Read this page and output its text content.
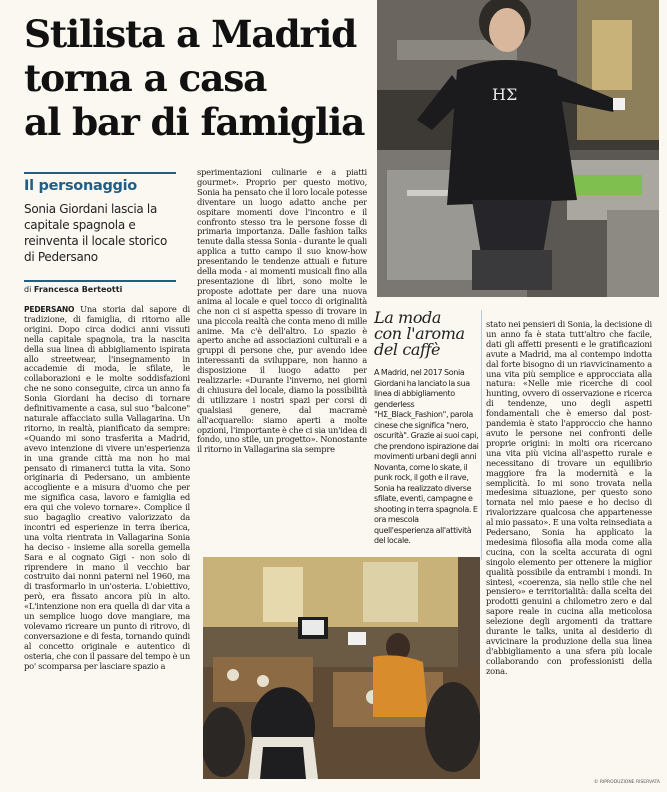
Stilista a Madrid
torna a casa
al bar di famiglia
Il personaggio
Sonia Giordani lascia la capitale spagnola e reinventa il locale storico di Pedersano
di Francesca Berteotti

PEDERSANO Una storia dal sapore di tradizione, di famiglia, di ritorno alle origini. Dopo circa dodici anni vissuti nella capitale spagnola, tra la nascita della sua linea di abbigliamento ispirata allo streetwear, l'insegnamento in accademie di moda, le sfilate, le collaborazioni e le molte soddisfazioni che ne sono conseguite, circa un anno fa Sonia Giordani ha deciso di tornare definitivamente a casa, sul suo "balcone" naturale affacciato sulla Vallagarina. Un ritorno, in realtà, pianificato da sempre: «Quando mi sono trasferita a Madrid, avevo intenzione di vivere un'esperienza in una grande città ma non ho mai pensato di rimanerci tutta la vita. Sono originaria di Pedersano, un ambiente accogliente e a misura d'uomo che per me significa casa, lavoro e famiglia ed era qui che volevo tornare». Complice il suo bagaglio creativo valorizzato da incontri ed esperienze in terra iberica, una volta rientrata in Vallagarina Sonia ha deciso - insieme alla sorella gemella Sara e al cognato Gigi - non solo di riprendere in mano il vecchio bar costruito dai nonni paterni nel 1960, ma di trasformarlo in un'osteria. L'obiettivo, però, era fissato ancora più in alto. «L'intenzione non era quella di dar vita a un semplice luogo dove mangiare, ma volevamo ricreare un punto di ritrovo, di conversazione e di festa, tornando quindi al concetto originale e autentico di osteria, che con il passare del tempo è un po' scomparsa per lasciare spazio a

sperimentazioni culinarie e a piatti gourmet». Proprio per questo motivo, Sonia ha pensato che il loro locale potesse diventare un luogo adatto anche per ospitare momenti dove l'incontro e il confronto stesso tra le persone fosse di primaria importanza. Dalle fashion talks tenute dalla stessa Sonia - durante le quali applica a tutto campo il suo know-how presentando le tendenze attuali e future della moda - ai momenti musicali fino alla presentazione di libri, sono molte le proposte adottate per dare una nuova anima al locale e quel tocco di originalità che non ci si aspetta spesso di trovare in una piccola realtà che conta meno di mille anime. Ma c'è dell'altro. Lo spazio è aperto anche ad associazioni culturali e a gruppi di persone che, pur avendo idee interessanti da sviluppare, non hanno a disposizione il luogo adatto per realizzarle: «Durante l'inverno, nei giorni di chiusura del locale, diamo la possibilità di utilizzare i nostri spazi per corsi di qualsiasi genere, dal macramè all'acquarello: siamo aperti a molte opzioni, l'importante è che ci sia un'idea di fondo, uno stile, un progetto». Nonostante il ritorno in Vallagarina sia sempre

HΣ
La moda
con l'aroma
del caffè
A Madrid, nel 2017 Sonia Giordani ha lanciato la sua linea di abbigliamento genderless "HΣ_Black_Fashion", parola cinese che significa "nero, oscurità". Grazie ai suoi capi, che prendono ispirazione dai movimenti urbani degli anni Novanta, come lo skate, il punk rock, il goth e il rave, Sonia ha realizzato diverse sfilate, eventi, campagne e shooting in terra spagnola. E ora mescola quell'esperienza all'attività del locale.

stato nei pensieri di Sonia, la decisione di un anno fa è stata tutt'altro che facile, dati gli affetti presenti e le gratificazioni avute a Madrid, ma al contempo indotta dal forte bisogno di un riavvicinamento a una vita più semplice e approcciata alla natura: «Nelle mie ricerche di cool hunting, ovvero di osservazione e ricerca di tendenze, uno degli aspetti fondamentali che è emerso dal post-pandemia è stato l'approccio che hanno avuto le persone nei confronti delle proprie origini: in molti ora ricercano una vita più vicina all'aspetto rurale e necessitano di trovare un equilibrio maggiore fra la modernità e la semplicità. Io mi sono trovata nella medesima situazione, per questo sono tornata nel mio paese e ho deciso di rivalorizzare qualcosa che appartenesse al mio passato». E una volta reinsediata a Pedersano, Sonia ha applicato la medesima filosofia alla moda come alla cucina, con la scelta accurata di ogni singolo elemento per ottenere la miglior qualità possibile da entrambi i mondi. In sintesi, «coerenza, sia nello stile che nel pensiero» e territorialità: dalla scelta dei prodotti genuini a chilometro zero e dal sapore reale in cucina alla meticolosa selezione degli argomenti da trattare durante le talks, unita al desiderio di avvicinare la produzione della sua linea d'abbigliamento a una sfera più locale collaborando con professionisti della zona.

© RIPRODUZIONE RISERVATA
